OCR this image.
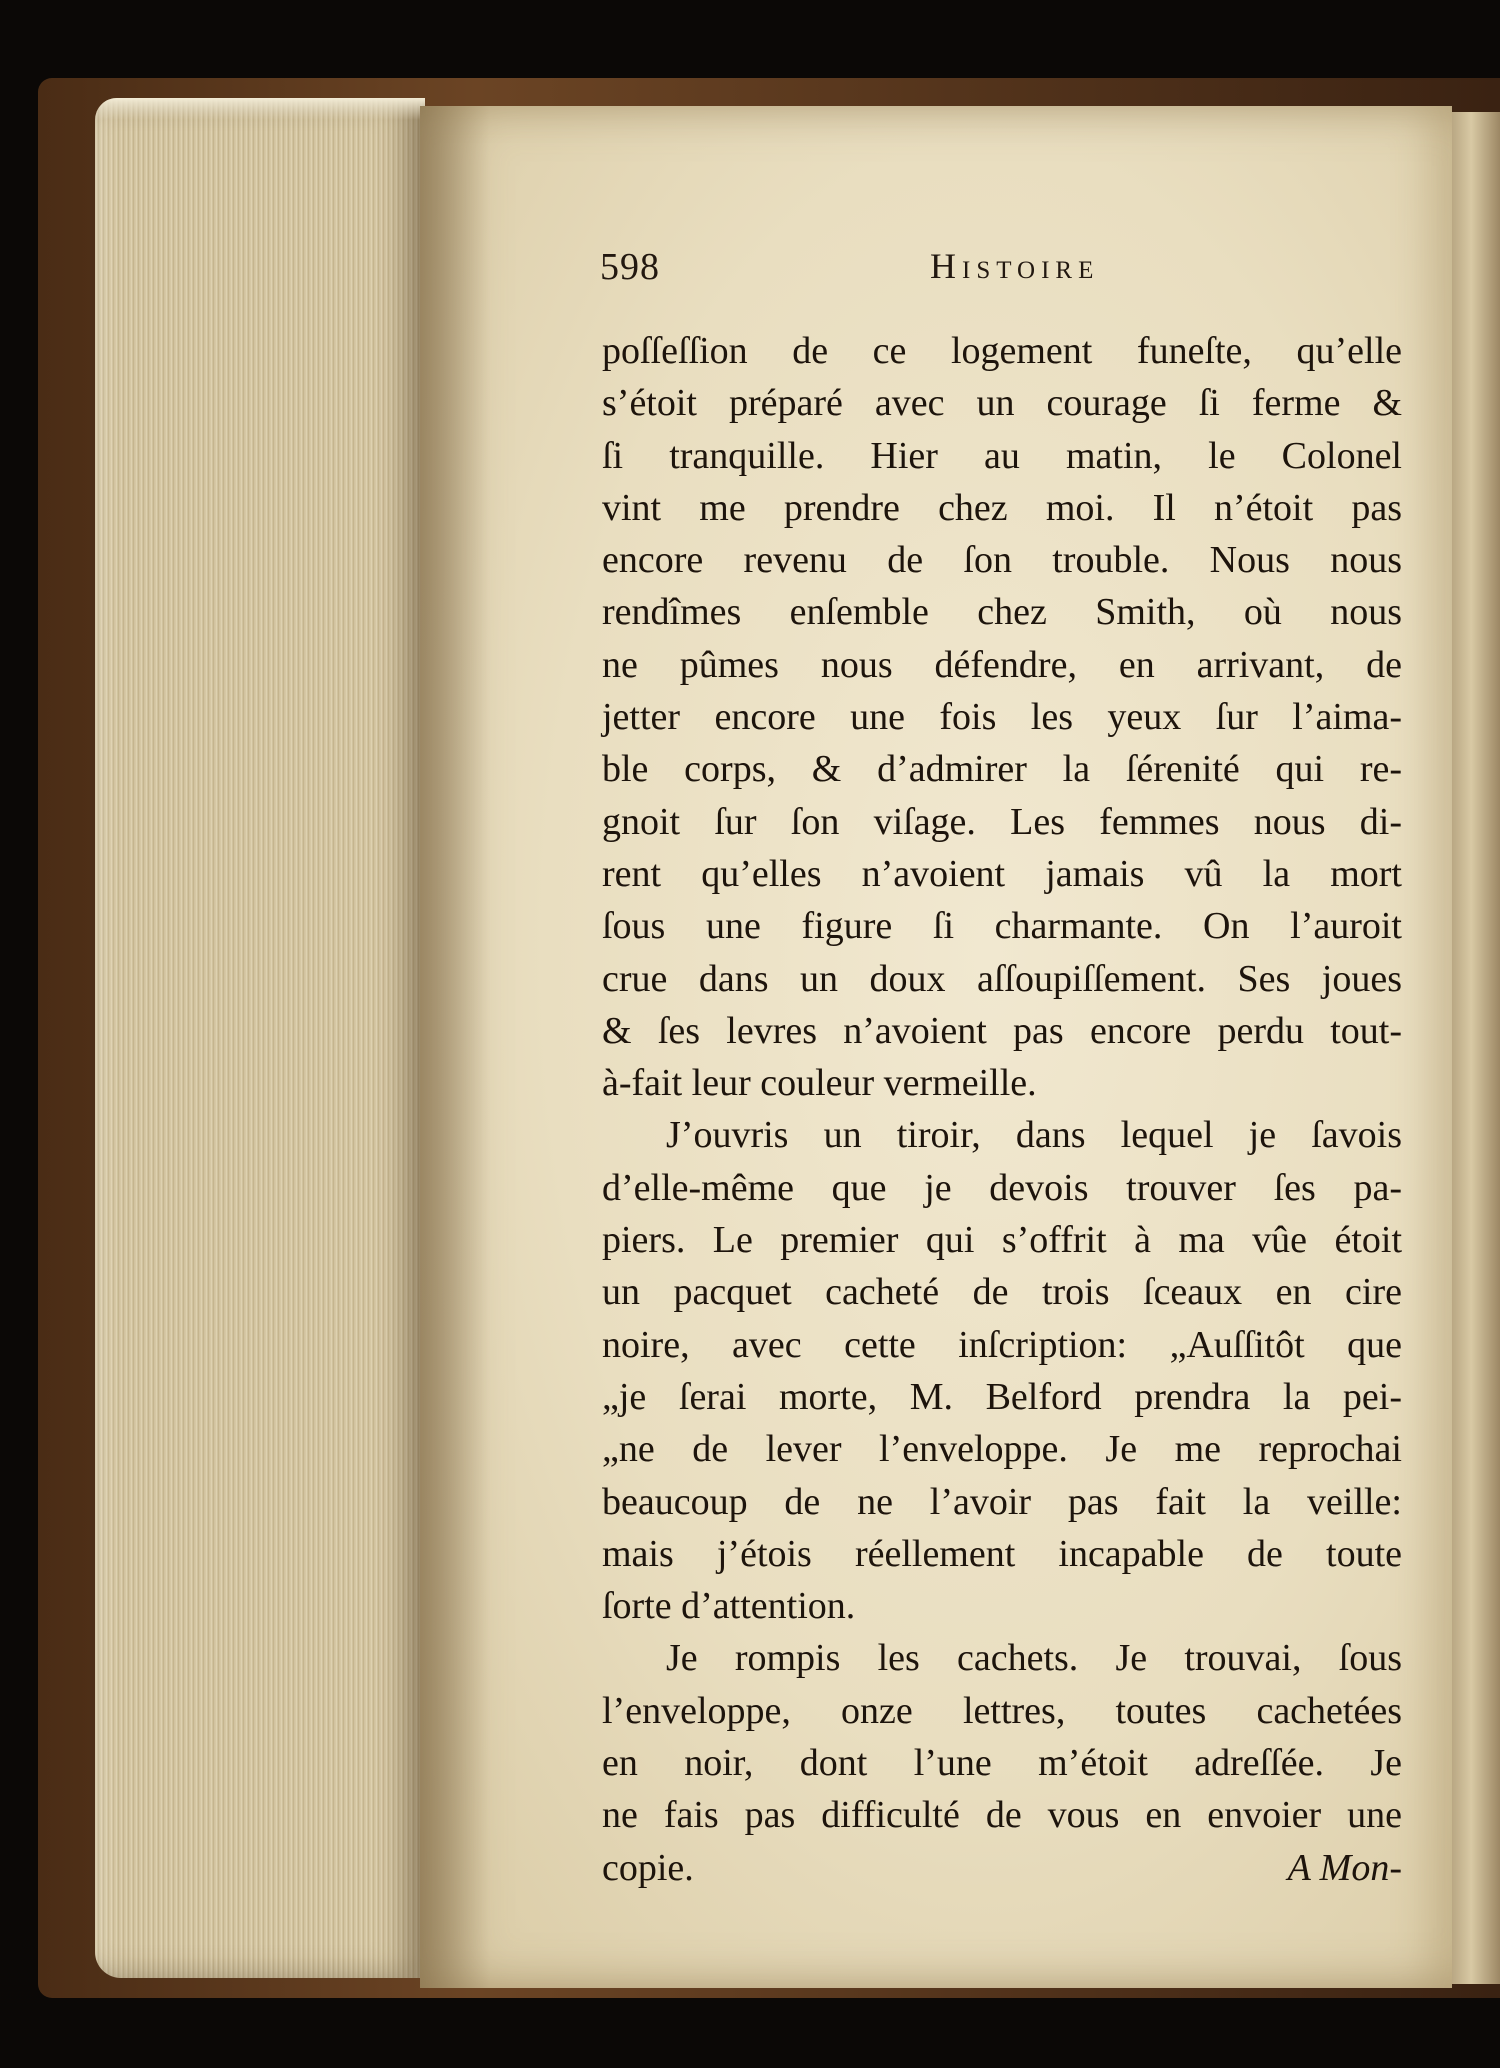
598	Histoire
poſſeſſion de ce logement funeſte, qu’elle
s’étoit préparé avec un courage ſi ferme &
ſi tranquille. Hier au matin, le Colonel
vint me prendre chez moi. Il n’étoit pas
encore revenu de ſon trouble. Nous nous
rendîmes enſemble chez Smith, où nous
ne pûmes nous défendre, en arrivant, de
jetter encore une fois les yeux ſur l’aima-
ble corps, & d’admirer la ſérenité qui re-
gnoit ſur ſon viſage. Les femmes nous di-
rent qu’elles n’avoient jamais vû la mort
ſous une figure ſi charmante. On l’auroit
crue dans un doux aſſoupiſſement. Ses joues
& ſes levres n’avoient pas encore perdu tout-
à-fait leur couleur vermeille.
J’ouvris un tiroir, dans lequel je ſavois
d’elle-même que je devois trouver ſes pa-
piers. Le premier qui s’offrit à ma vûe étoit
un pacquet cacheté de trois ſceaux en cire
noire, avec cette inſcription: „Auſſitôt que
„je ſerai morte, M. Belford prendra la pei-
„ne de lever l’enveloppe. Je me reprochai
beaucoup de ne l’avoir pas fait la veille:
mais j’étois réellement incapable de toute
ſorte d’attention.
Je rompis les cachets. Je trouvai, ſous
l’enveloppe, onze lettres, toutes cachetées
en noir, dont l’une m’étoit adreſſée. Je
ne fais pas difficulté de vous en envoier une
copie.	A Mon-
